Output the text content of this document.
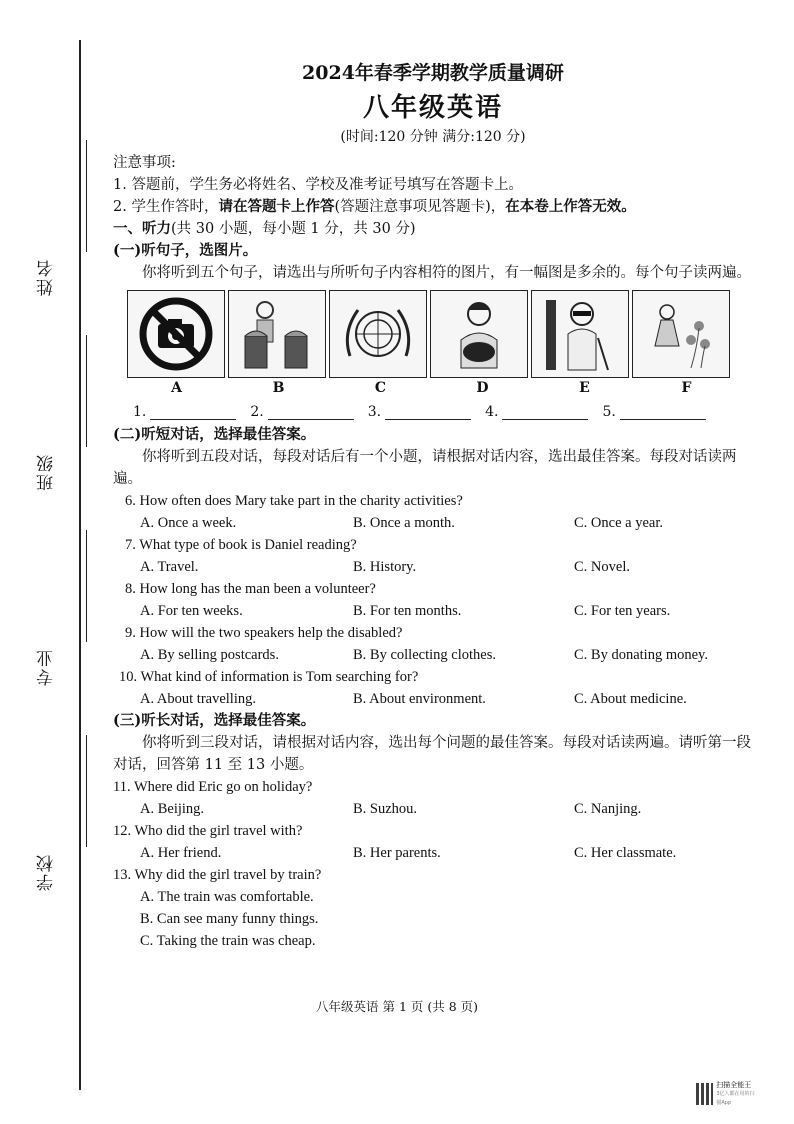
姓名
班级
专业
学校

2024年春季学期教学质量调研

八年级英语

(时间:120 分钟 满分:120 分)

注意事项:

1. 答题前，学生务必将姓名、学校及准考证号填写在答题卡上。

2. 学生作答时，请在答题卡上作答(答题注意事项见答题卡)，在本卷上作答无效。

一、听力(共 30 小题，每小题 1 分，共 30 分)

(一)听句子，选图片。

你将听到五个句子，请选出与所听句子内容相符的图片，有一幅图是多余的。每个句子读两遍。

A	B	C	D	E	F
1.	2.	3.	4.	5.

(二)听短对话，选择最佳答案。

你将听到五段对话，每段对话后有一个小题，请根据对话内容，选出最佳答案。每段对话读两遍。

6. How often does Mary take part in the charity activities?

A. Once a week.	B. Once a month.	C. Once a year.

7. What type of book is Daniel reading?

A. Travel.	B. History.	C. Novel.

8. How long has the man been a volunteer?

A. For ten weeks.	B. For ten months.	C. For ten years.

9. How will the two speakers help the disabled?

A. By selling postcards.	B. By collecting clothes.	C. By donating money.

10. What kind of information is Tom searching for?

A. About travelling.	B. About environment.	C. About medicine.

(三)听长对话，选择最佳答案。

你将听到三段对话，请根据对话内容，选出每个问题的最佳答案。每段对话读两遍。请听第一段对话，回答第 11 至 13 小题。

11. Where did Eric go on holiday?

A. Beijing.	B. Suzhou.	C. Nanjing.

12. Who did the girl travel with?

A. Her friend.	B. Her parents.	C. Her classmate.

13. Why did the girl travel by train?

A. The train was comfortable.

B. Can see many funny things.

C. Taking the train was cheap.

八年级英语 第 1 页 (共 8 页)
扫描全能王
3亿人都在用的扫描App
